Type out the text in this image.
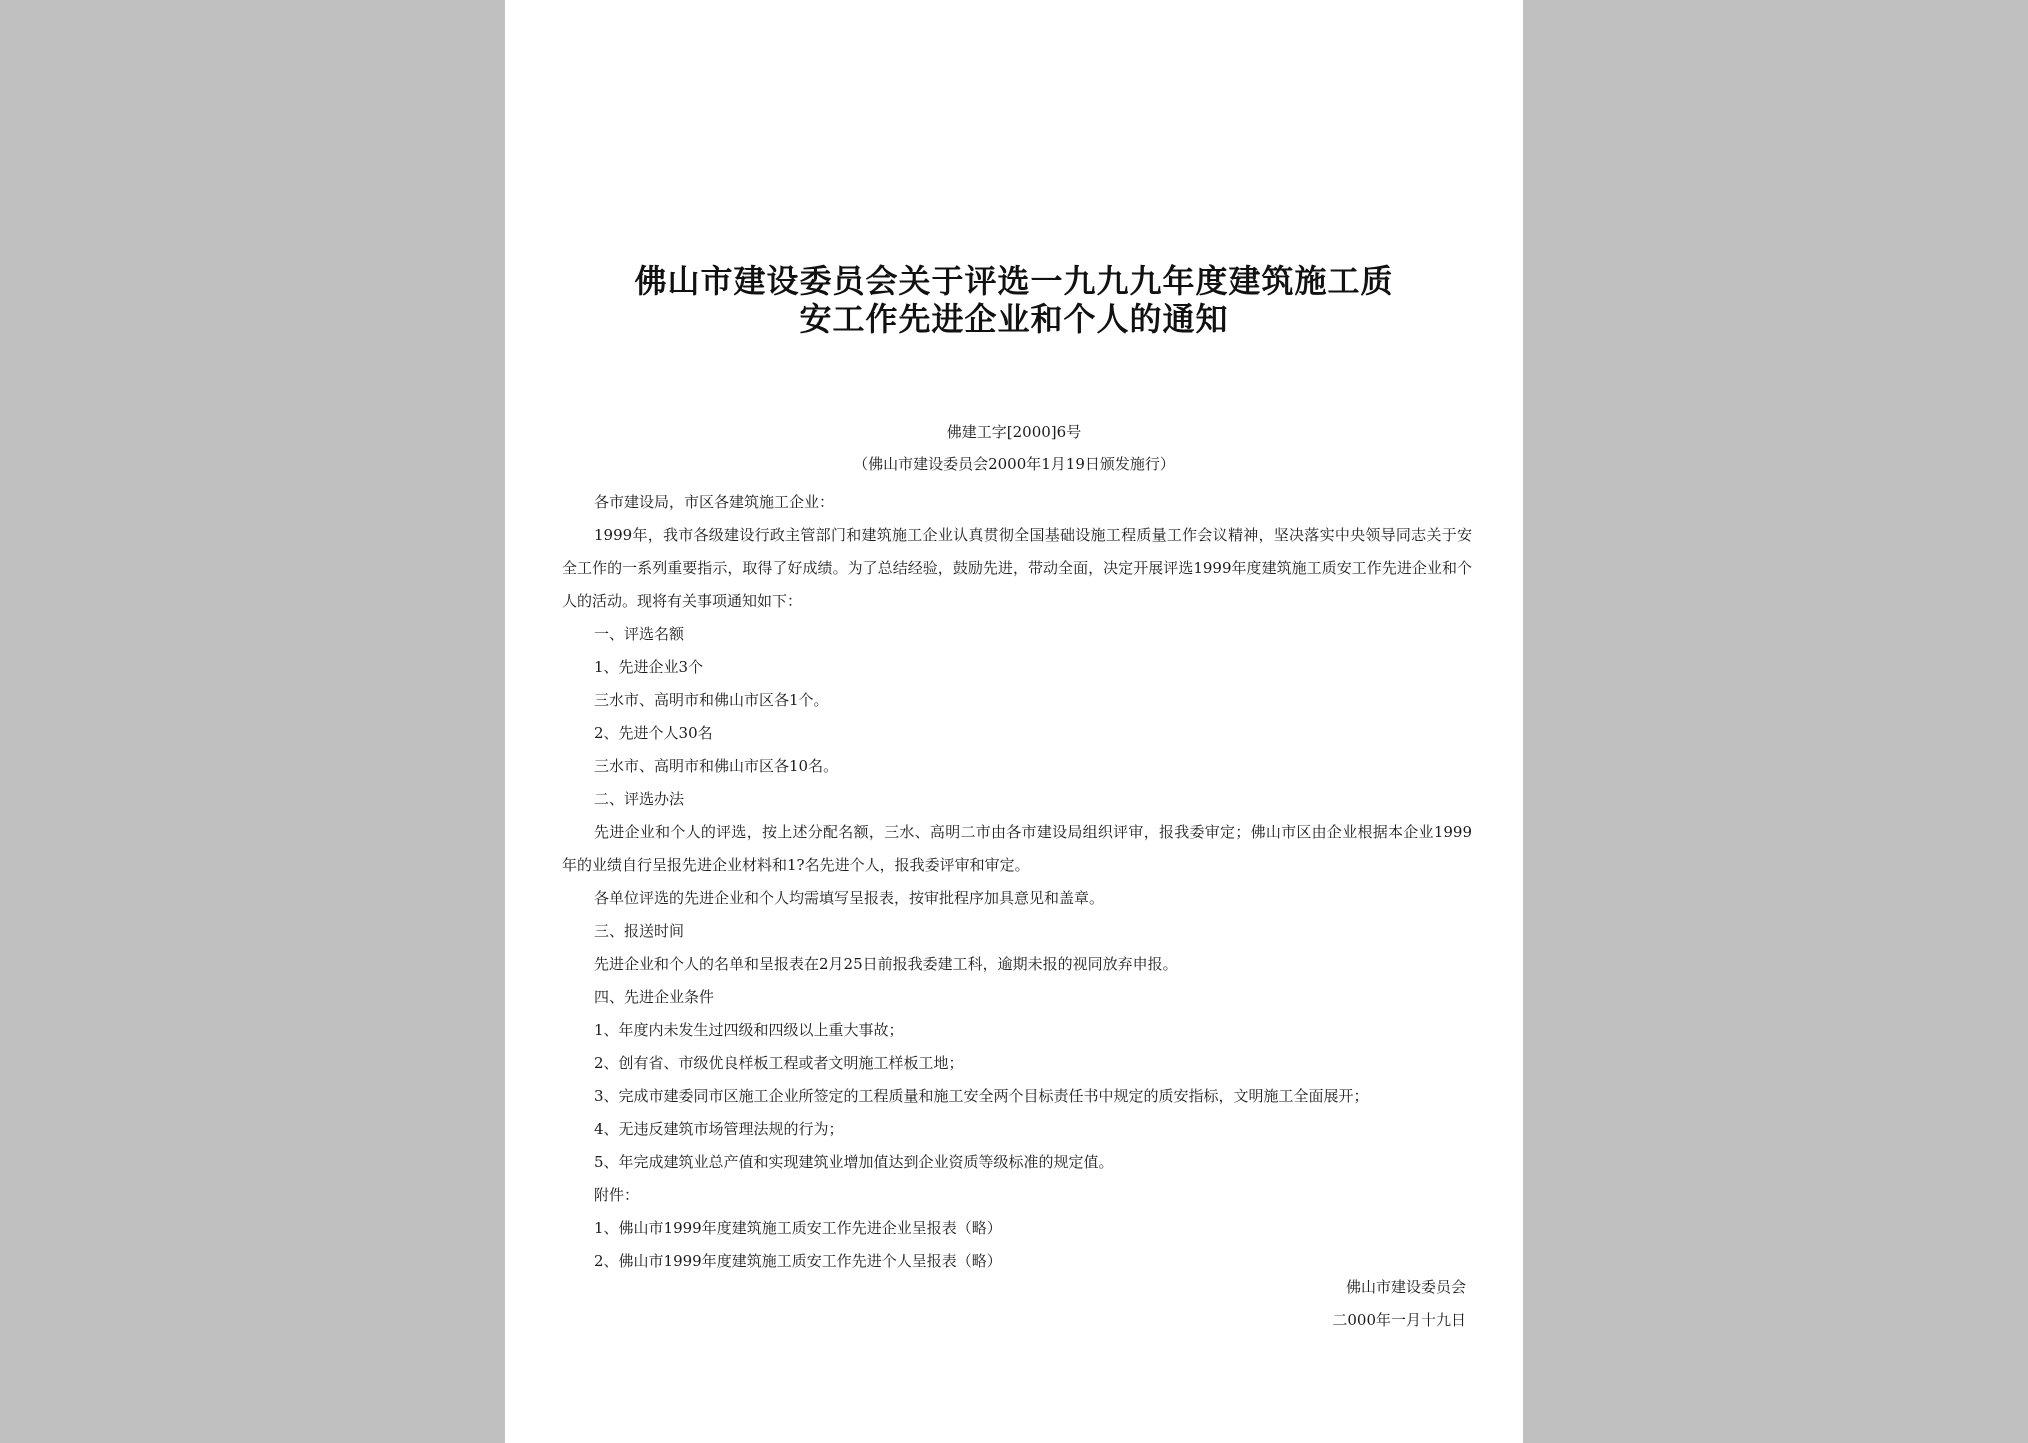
佛山市建设委员会关于评选一九九九年度建筑施工质
安工作先进企业和个人的通知
佛建工字[2000]6号
（佛山市建设委员会2000年1月19日颁发施行）

各市建设局，市区各建筑施工企业：

1999年，我市各级建设行政主管部门和建筑施工企业认真贯彻全国基础设施工程质量工作会议精神，坚决落实中央领导同志关于安全工作的一系列重要指示，取得了好成绩。为了总结经验，鼓励先进，带动全面，决定开展评选1999年度建筑施工质安工作先进企业和个人的活动。现将有关事项通知如下：

一、评选名额

1、先进企业3个

三水市、高明市和佛山市区各1个。

2、先进个人30名

三水市、高明市和佛山市区各10名。

二、评选办法

先进企业和个人的评选，按上述分配名额，三水、高明二市由各市建设局组织评审，报我委审定；佛山市区由企业根据本企业1999年的业绩自行呈报先进企业材料和1?名先进个人，报我委评审和审定。

各单位评选的先进企业和个人均需填写呈报表，按审批程序加具意见和盖章。

三、报送时间

先进企业和个人的名单和呈报表在2月25日前报我委建工科，逾期未报的视同放弃申报。

四、先进企业条件

1、年度内未发生过四级和四级以上重大事故；

2、创有省、市级优良样板工程或者文明施工样板工地；

3、完成市建委同市区施工企业所签定的工程质量和施工安全两个目标责任书中规定的质安指标，文明施工全面展开；

4、无违反建筑市场管理法规的行为；

5、年完成建筑业总产值和实现建筑业增加值达到企业资质等级标准的规定值。

附件：

1、佛山市1999年度建筑施工质安工作先进企业呈报表（略）

2、佛山市1999年度建筑施工质安工作先进个人呈报表（略）

佛山市建设委员会
二000年一月十九日
